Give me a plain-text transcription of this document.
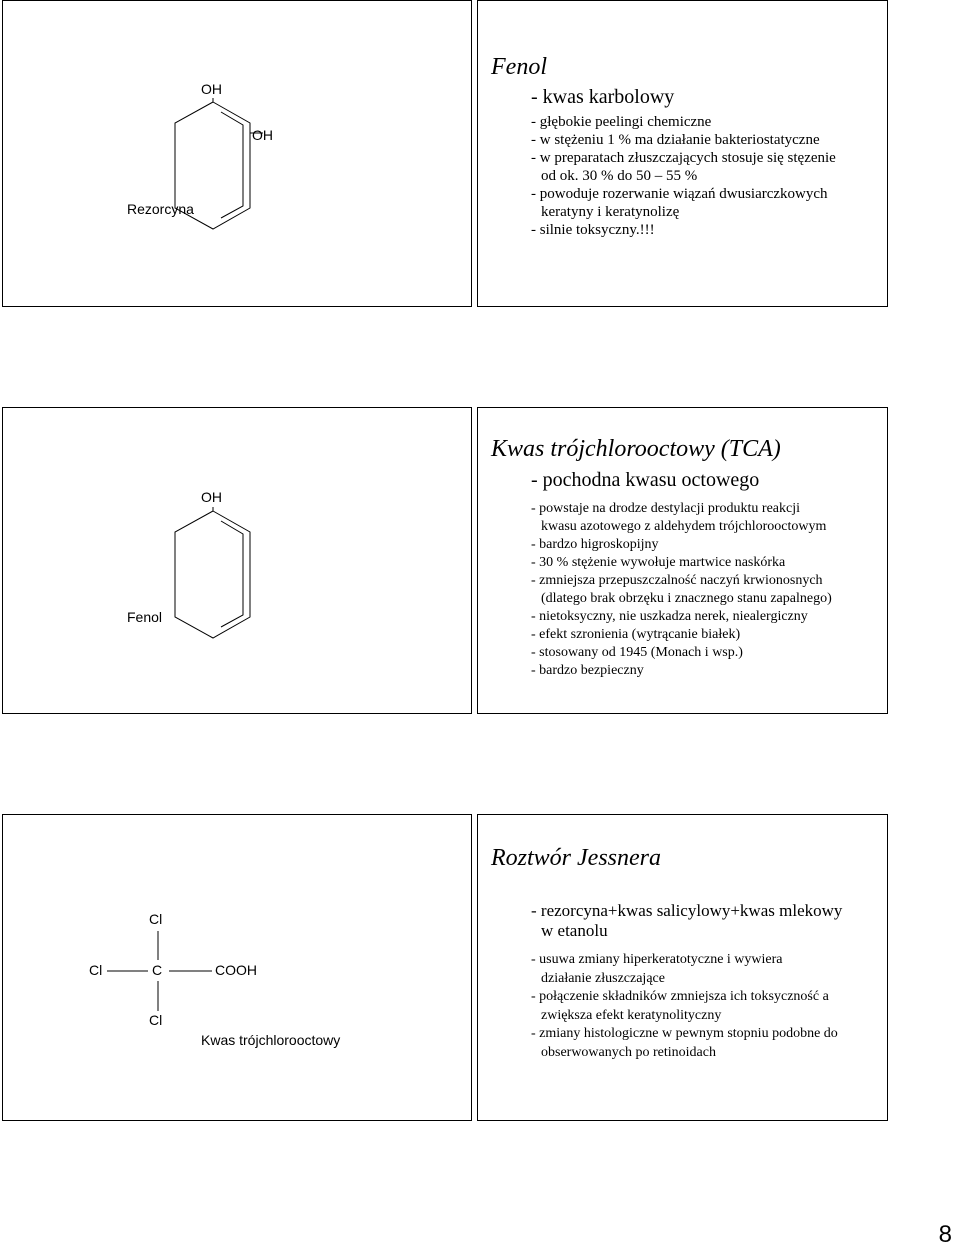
OH
OH
Rezorcyna
Fenol
- kwas karbolowy
- głębokie peelingi chemiczne
- w stężeniu 1 % ma działanie bakteriostatyczne
- w preparatach złuszczających stosuje się stęzenie
od ok. 30 % do 50 – 55 %
- powoduje rozerwanie wiązań dwusiarczkowych
keratyny i keratynolizę
- silnie toksyczny.!!!
OH
Fenol
Kwas trójchlorooctowy (TCA)
- pochodna kwasu octowego
- powstaje na drodze destylacji produktu reakcji
kwasu azotowego z aldehydem trójchlorooctowym
- bardzo higroskopijny
- 30 % stężenie wywołuje martwice naskórka
- zmniejsza przepuszczalność naczyń krwionosnych
(dlatego brak obrzęku i znacznego stanu zapalnego)
- nietoksyczny, nie uszkadza nerek, niealergiczny
- efekt szronienia (wytrącanie białek)
- stosowany od 1945 (Monach i wsp.)
- bardzo bezpieczny
Cl
Cl	C	COOH
Cl
Kwas trójchlorooctowy
Roztwór Jessnera
- rezorcyna+kwas salicylowy+kwas mlekowy
w etanolu
- usuwa zmiany hiperkeratotyczne i wywiera
działanie złuszczające
- połączenie składników zmniejsza ich toksyczność a
zwiększa efekt keratynolityczny
- zmiany histologiczne w pewnym stopniu podobne do
obserwowanych po retinoidach
8
